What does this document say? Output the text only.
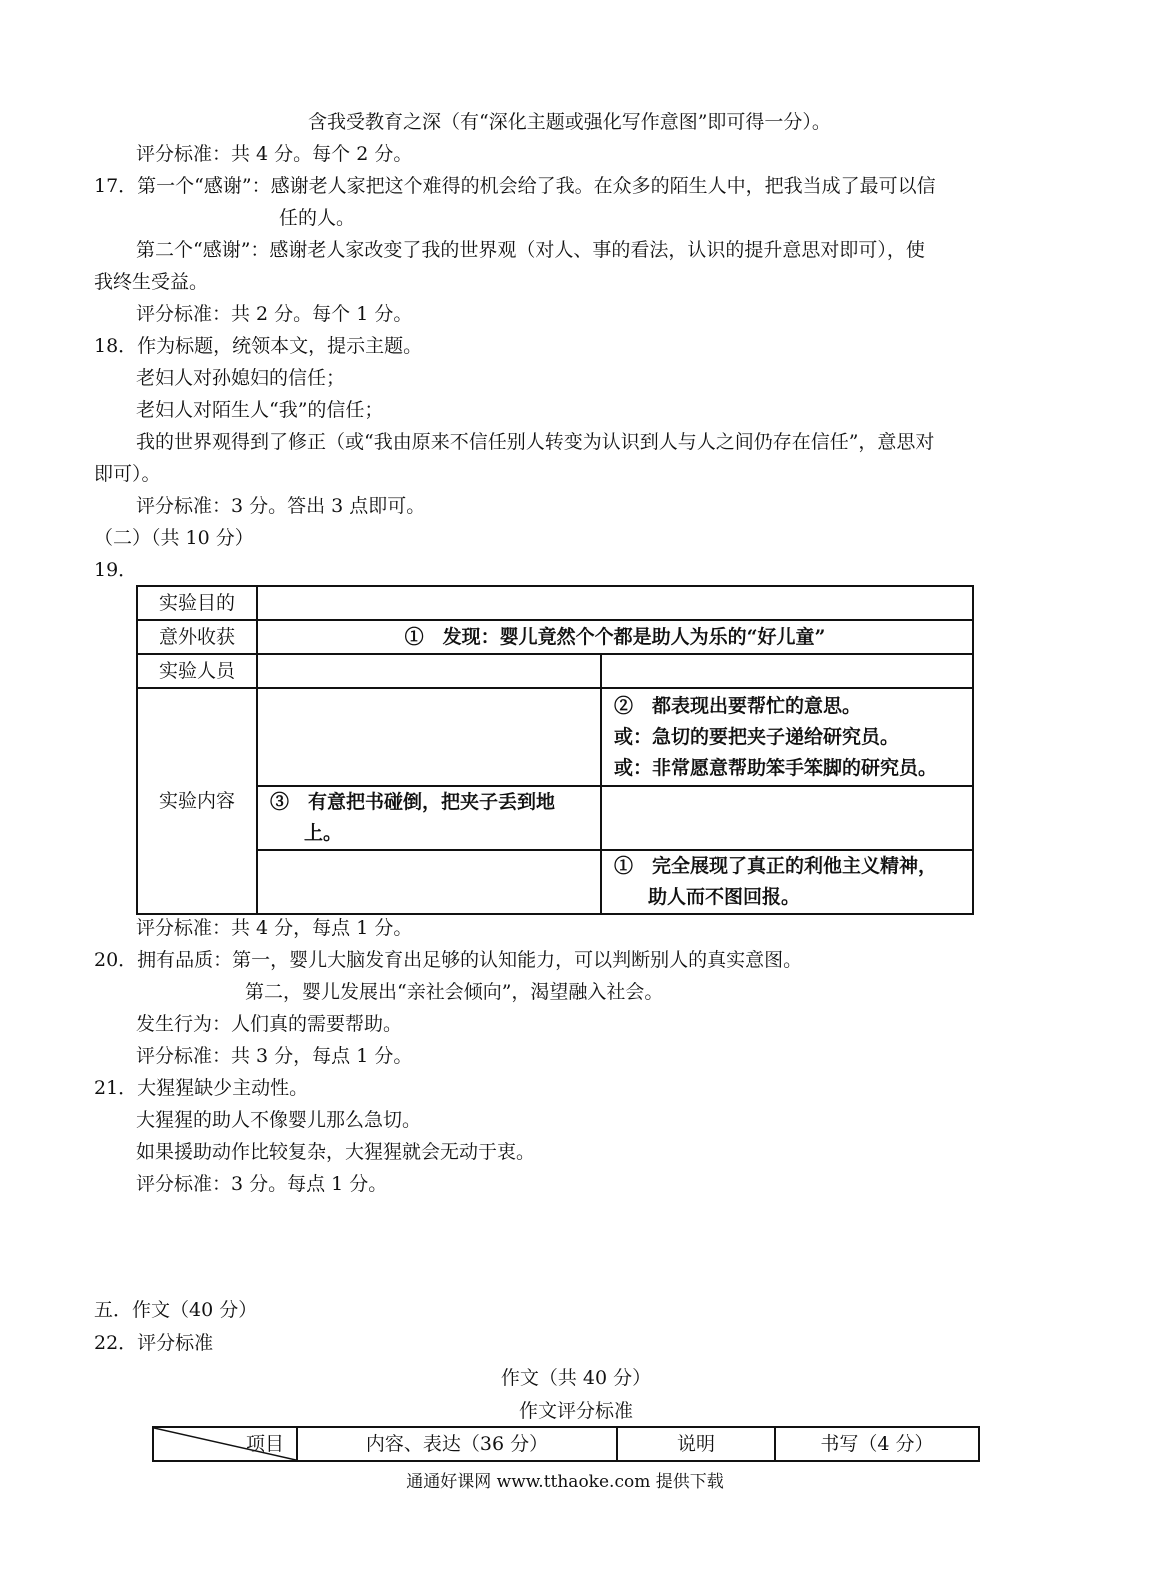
含我受教育之深（有“深化主题或强化写作意图”即可得一分）。
评分标准：共 4 分。每个 2 分。
17．第一个“感谢”：感谢老人家把这个难得的机会给了我。在众多的陌生人中，把我当成了最可以信
任的人。
第二个“感谢”：感谢老人家改变了我的世界观（对人、事的看法，认识的提升意思对即可），使
我终生受益。
评分标准：共 2 分。每个 1 分。
18．作为标题，统领本文，提示主题。
老妇人对孙媳妇的信任；
老妇人对陌生人“我”的信任；
我的世界观得到了修正（或“我由原来不信任别人转变为认识到人与人之间仍存在信任”，意思对
即可）。
评分标准：3 分。答出 3 点即可。
（二）（共 10 分）
19．
实验目的		
意外收获	①　发现：婴儿竟然个个都是助人为乐的“好儿童”	
实验人员		
实验内容		②　都表现出要帮忙的意思。
或：急切的要把夹子递给研究员。
或：非常愿意帮助笨手笨脚的研究员。

	③　有意把书碰倒，把夹子丢到地
上。	

		①　完全展现了真正的利他主义精神，
助人而不图回报。
评分标准：共 4 分，每点 1 分。
20．拥有品质：第一，婴儿大脑发育出足够的认知能力，可以判断别人的真实意图。
第二，婴儿发展出“亲社会倾向”，渴望融入社会。
发生行为：人们真的需要帮助。
评分标准：共 3 分，每点 1 分。
21．大猩猩缺少主动性。
大猩猩的助人不像婴儿那么急切。
如果援助动作比较复杂，大猩猩就会无动于衷。
评分标准：3 分。每点 1 分。
五．作文（40 分）
22．评分标准
作文（共 40 分）
作文评分标准
项目	内容、表达（36 分）	说明	书写（4 分）
通通好课网 www.tthaoke.com 提供下载
